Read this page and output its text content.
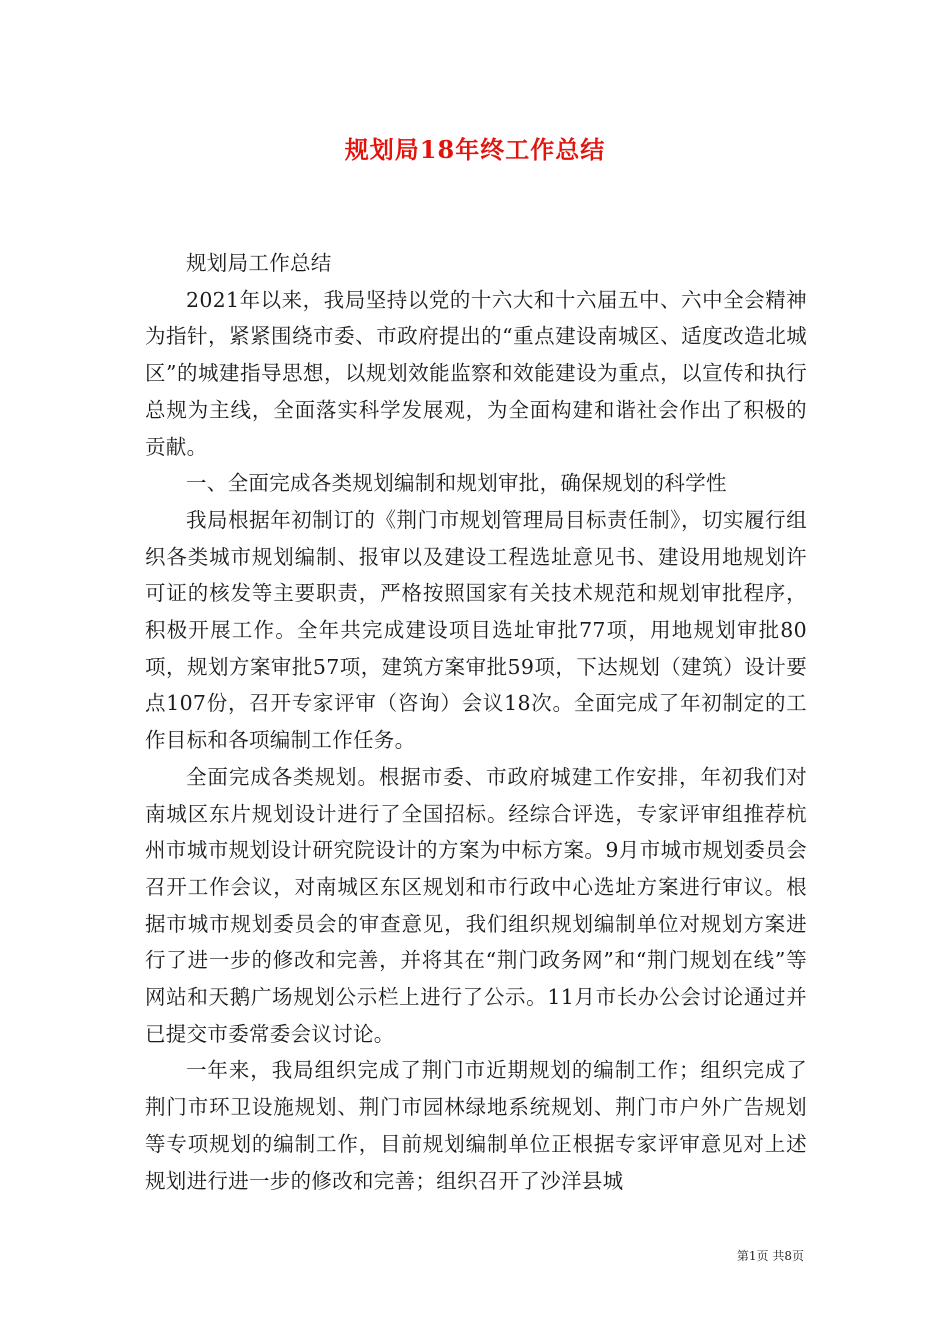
规划局18年终工作总结

规划局工作总结

2021年以来，我局坚持以党的十六大和十六届五中、六中全会精神为指针，紧紧围绕市委、市政府提出的“重点建设南城区、适度改造北城区”的城建指导思想，以规划效能监察和效能建设为重点，以宣传和执行总规为主线，全面落实科学发展观，为全面构建和谐社会作出了积极的贡献。

一、全面完成各类规划编制和规划审批，确保规划的科学性

我局根据年初制订的《荆门市规划管理局目标责任制》，切实履行组织各类城市规划编制、报审以及建设工程选址意见书、建设用地规划许可证的核发等主要职责，严格按照国家有关技术规范和规划审批程序，积极开展工作。全年共完成建设项目选址审批77项，用地规划审批80项，规划方案审批57项，建筑方案审批59项，下达规划（建筑）设计要点107份，召开专家评审（咨询）会议18次。全面完成了年初制定的工作目标和各项编制工作任务。

全面完成各类规划。根据市委、市政府城建工作安排，年初我们对南城区东片规划设计进行了全国招标。经综合评选，专家评审组推荐杭州市城市规划设计研究院设计的方案为中标方案。9月市城市规划委员会召开工作会议，对南城区东区规划和市行政中心选址方案进行审议。根据市城市规划委员会的审查意见，我们组织规划编制单位对规划方案进行了进一步的修改和完善，并将其在“荆门政务网”和“荆门规划在线”等网站和天鹅广场规划公示栏上进行了公示。11月市长办公会讨论通过并已提交市委常委会议讨论。

一年来，我局组织完成了荆门市近期规划的编制工作；组织完成了荆门市环卫设施规划、荆门市园林绿地系统规划、荆门市户外广告规划等专项规划的编制工作，目前规划编制单位正根据专家评审意见对上述规划进行进一步的修改和完善；组织召开了沙洋县城

第1页 共8页
